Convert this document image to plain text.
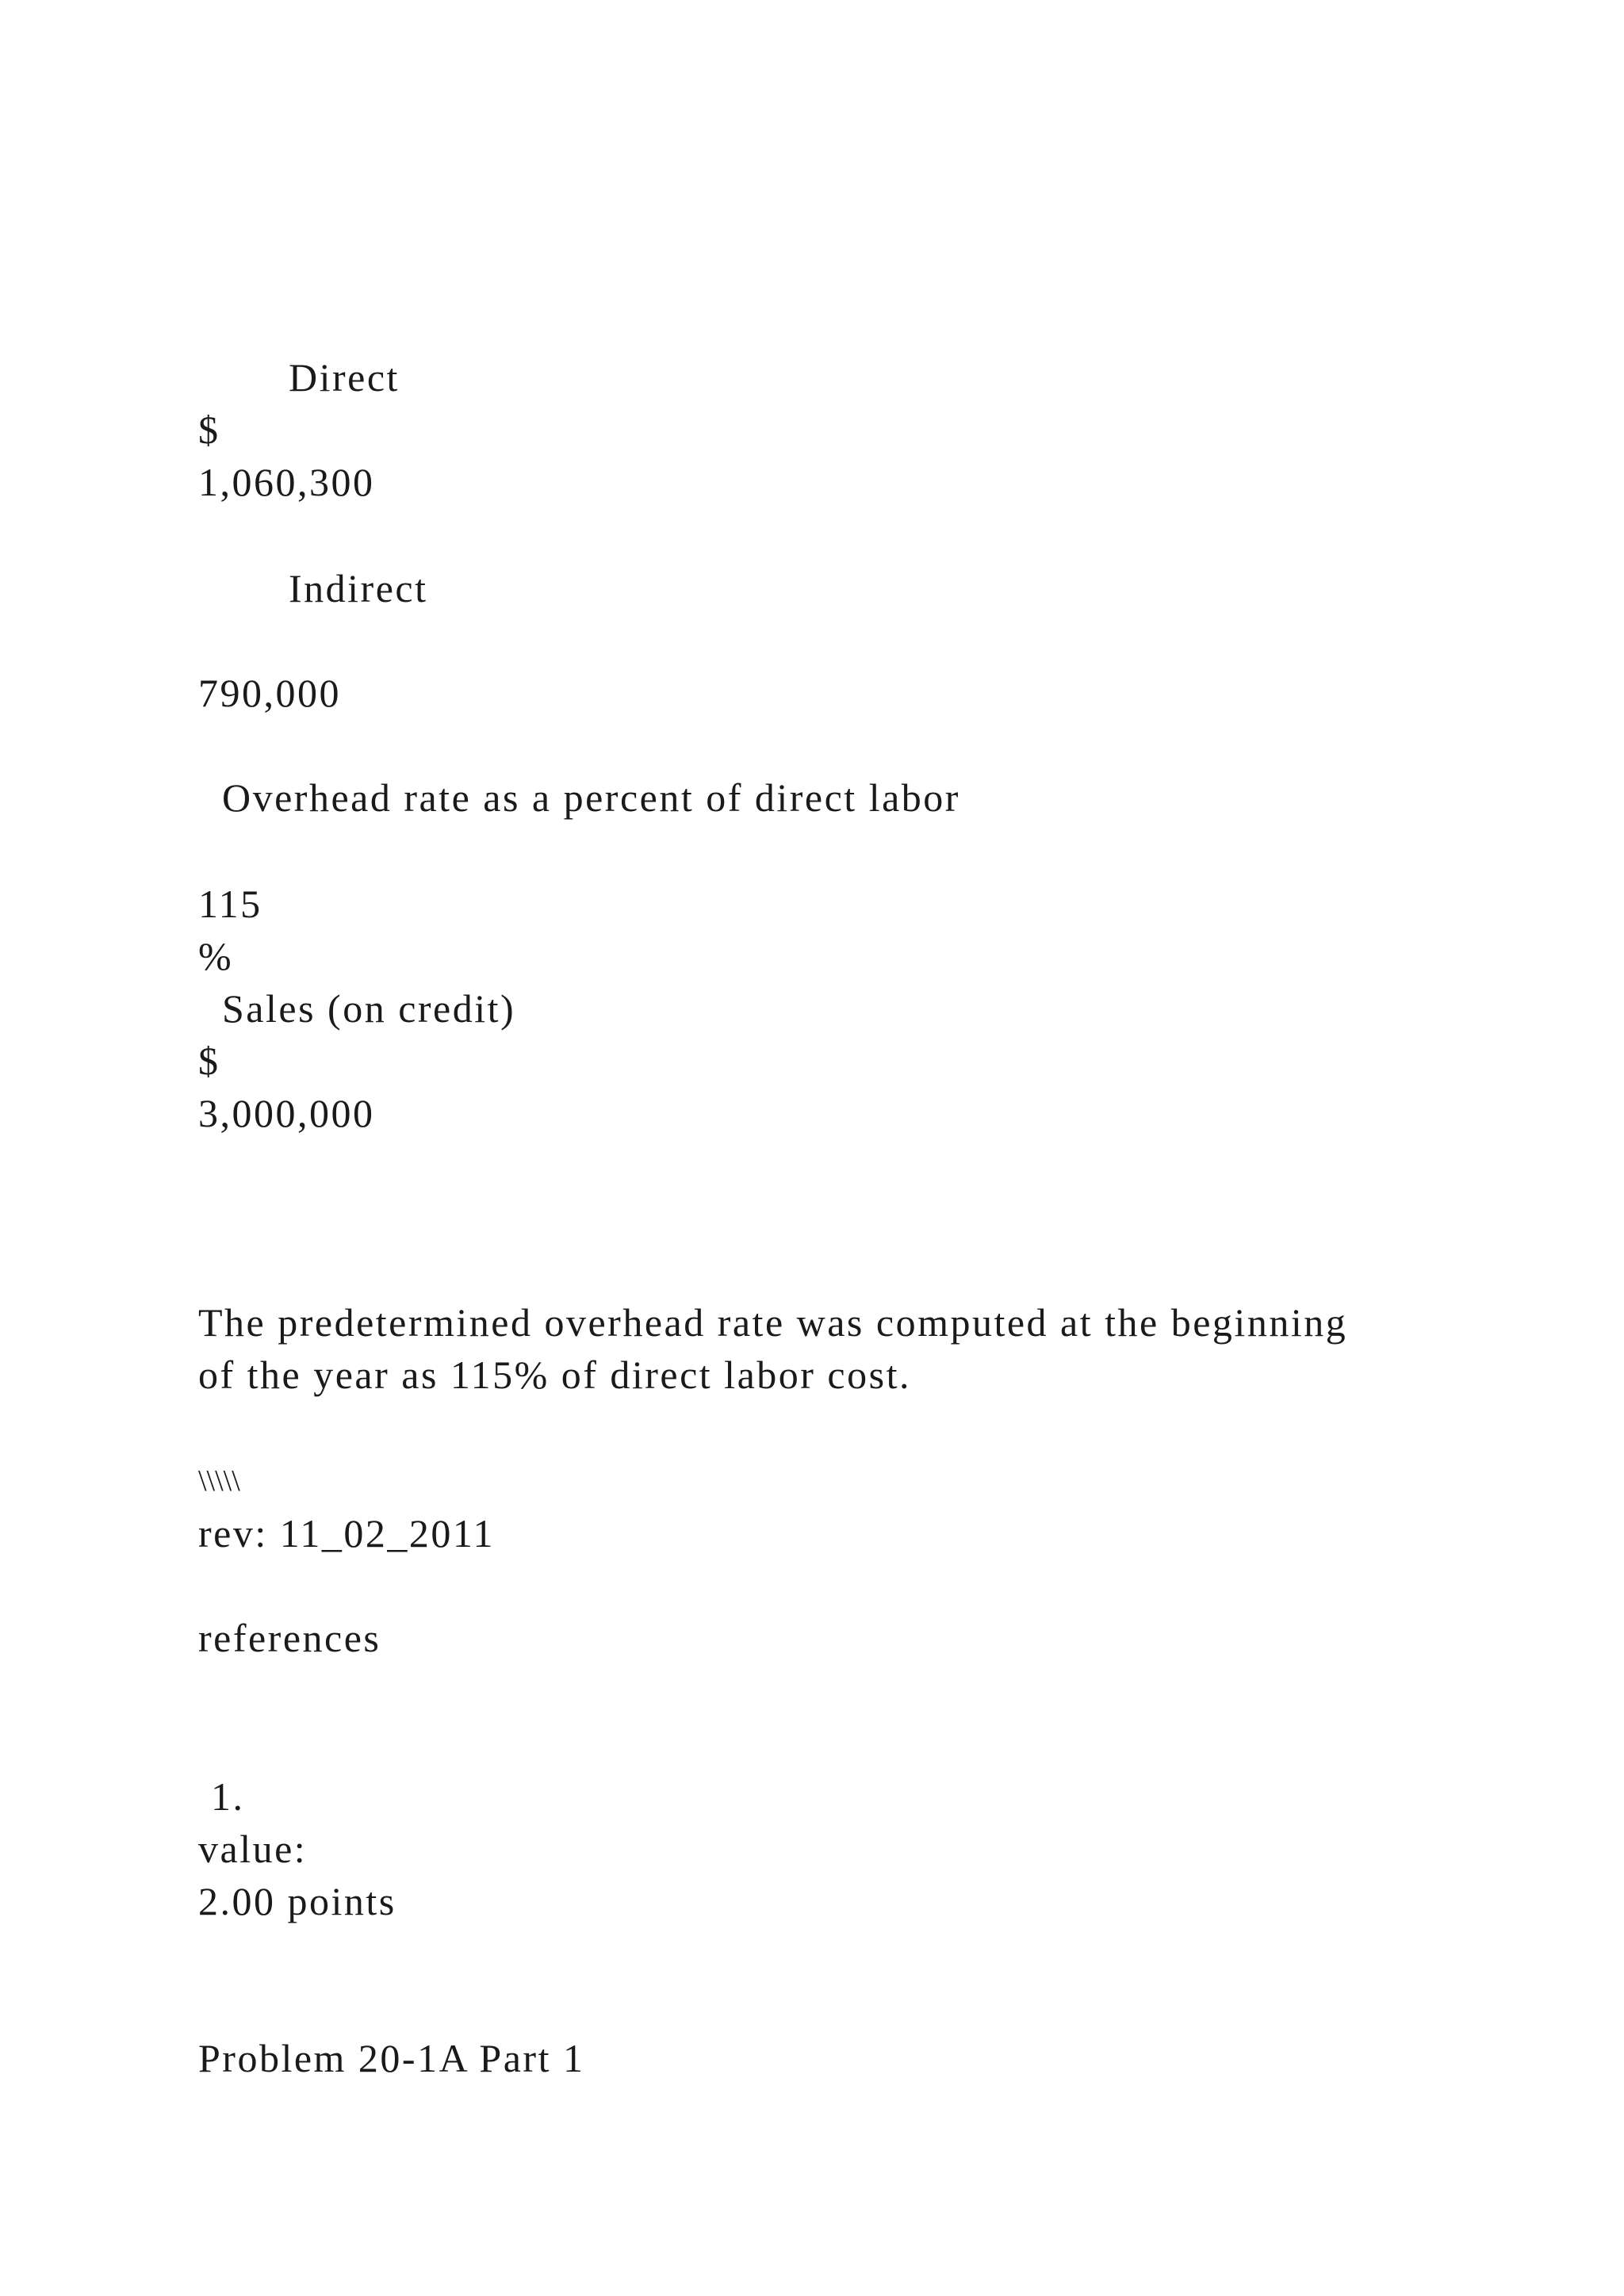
Direct
$
1,060,300
Indirect
790,000
Overhead rate as a percent of direct labor
115
%
Sales (on credit)
$
3,000,000
The predetermined overhead rate was computed at the beginning
of the year as 115% of direct labor cost.
\\\\\
rev: 11_02_2011
references
1.
value:
2.00 points
Problem 20-1A Part 1
